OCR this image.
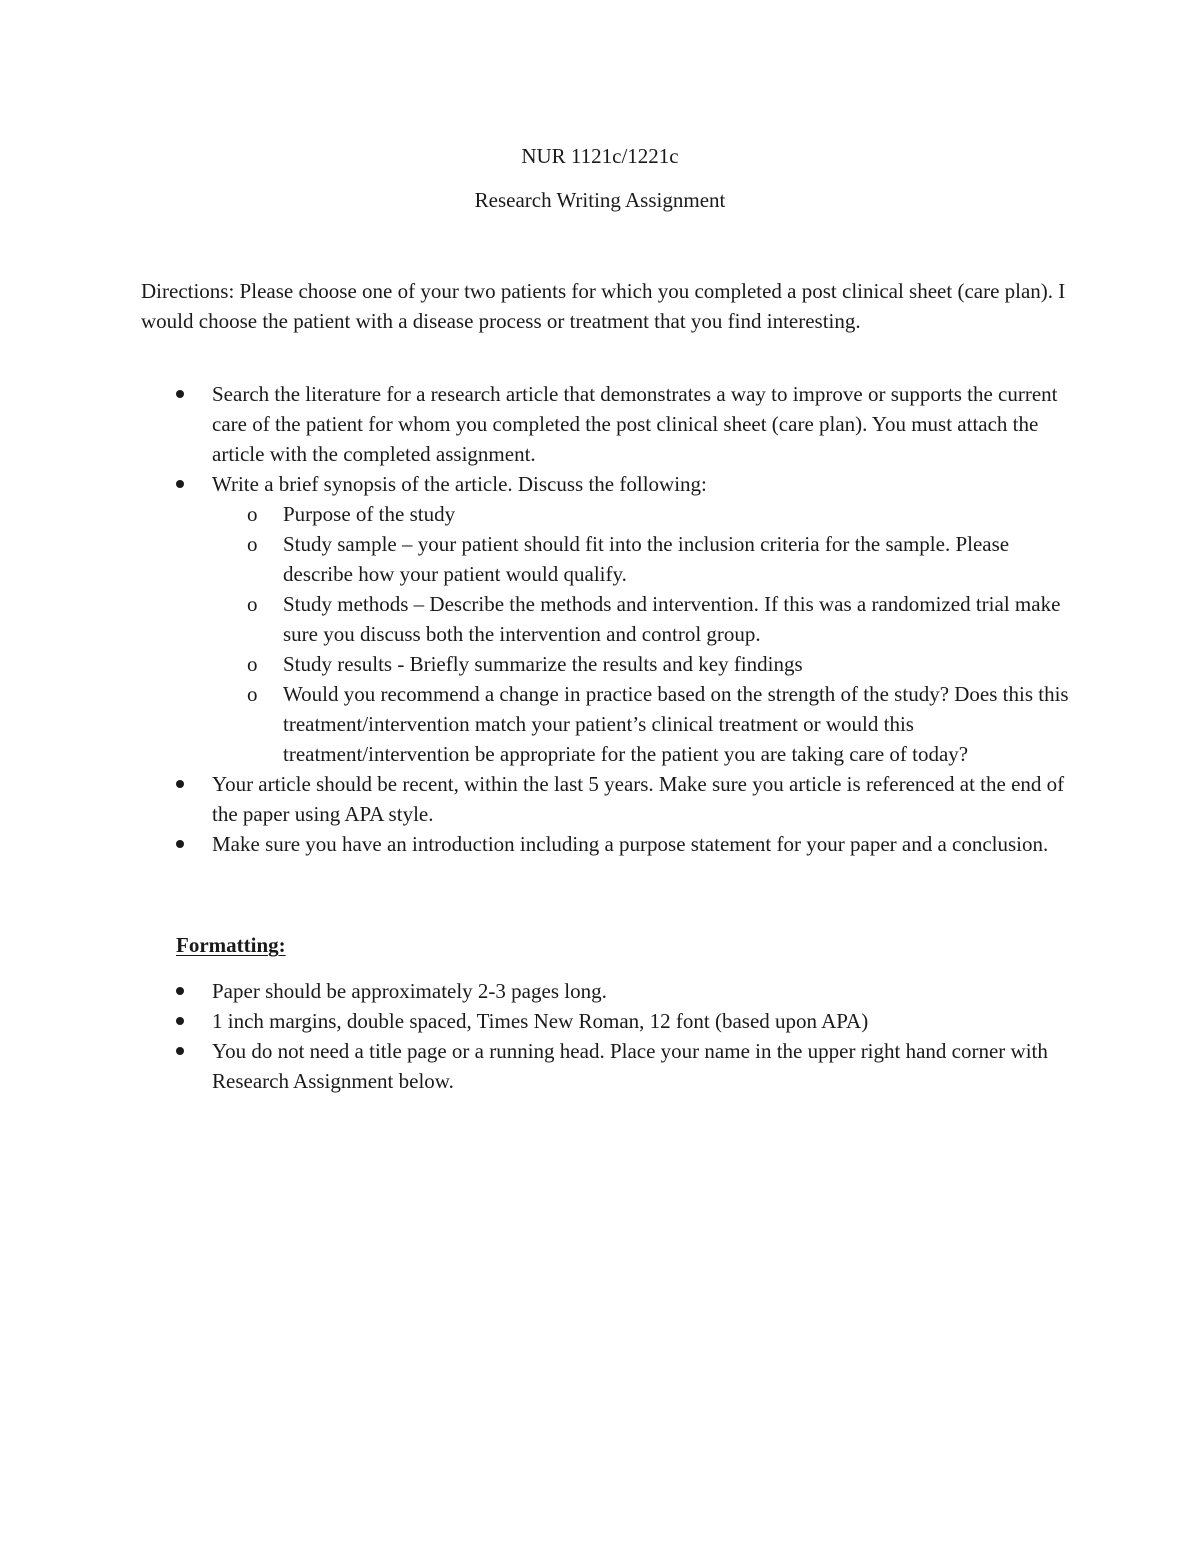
NUR 1121c/1221c

Research Writing Assignment

Directions: Please choose one of your two patients for which you completed a post clinical sheet (care plan). I would choose the patient with a disease process or treatment that you find interesting.

Search the literature for a research article that demonstrates a way to improve or supports the current care of the patient for whom you completed the post clinical sheet (care plan). You must attach the article with the completed assignment.
Write a brief synopsis of the article. Discuss the following:
o Purpose of the study
o Study sample – your patient should fit into the inclusion criteria for the sample. Please describe how your patient would qualify.
o Study methods – Describe the methods and intervention. If this was a randomized trial make sure you discuss both the intervention and control group.
o Study results - Briefly summarize the results and key findings
o Would you recommend a change in practice based on the strength of the study? Does this this treatment/intervention match your patient’s clinical treatment or would this treatment/intervention be appropriate for the patient you are taking care of today?
Your article should be recent, within the last 5 years. Make sure you article is referenced at the end of the paper using APA style.
Make sure you have an introduction including a purpose statement for your paper and a conclusion.

Formatting:

Paper should be approximately 2-3 pages long.
1 inch margins, double spaced, Times New Roman, 12 font (based upon APA)
You do not need a title page or a running head. Place your name in the upper right hand corner with Research Assignment below.
